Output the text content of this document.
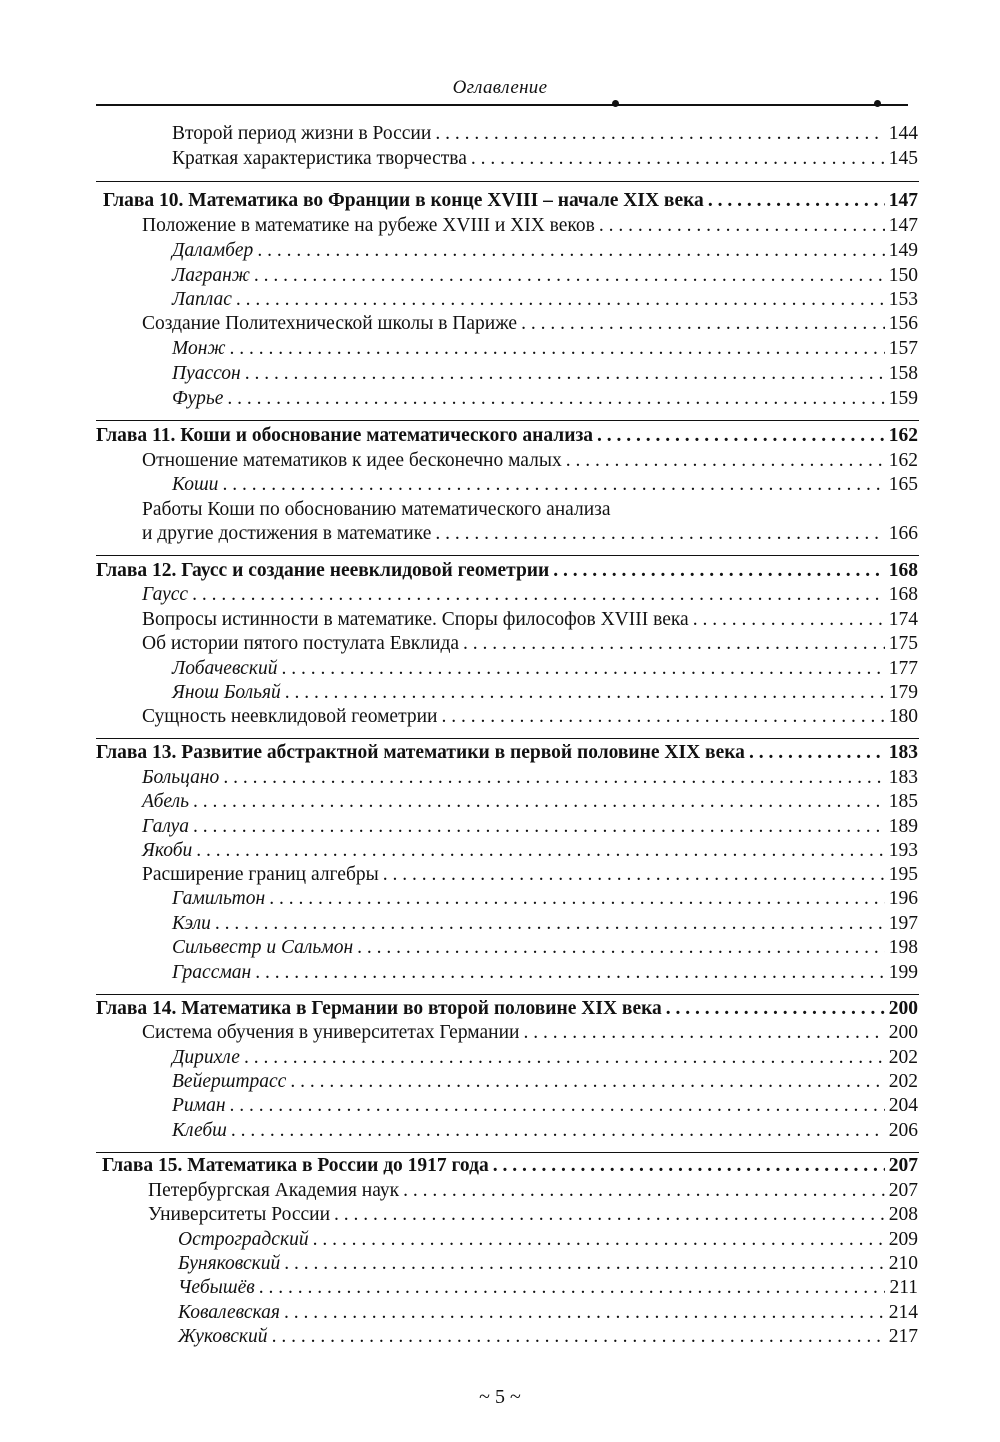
Оглавление
Второй период жизни в России . . .	144
Краткая характеристика творчества . . .	145
Глава 10. Математика во Франции в конце XVIII – начале XIX века . . .	147
Положение в математике на рубеже XVIII и XIX веков . . .	147
Даламбер . . .	149
Лагранж . . .	150
Лаплас . . .	153
Создание Политехнической школы в Париже . . .	156
Монж . . .	157
Пуассон . . .	158
Фурье . . .	159
Глава 11. Коши и обоснование математического анализа . . .	162
Отношение математиков к идее бесконечно малых . . .	162
Коши . . .	165
Работы Коши по обоснованию математического анализа
и другие достижения в математике . . .	166
Глава 12. Гаусс и создание неевклидовой геометрии . . .	168
Гаусс . . .	168
Вопросы истинности в математике. Споры философов XVIII века . . .	174
Об истории пятого постулата Евклида . . .	175
Лобачевский . . .	177
Янош Больяй . . .	179
Сущность неевклидовой геометрии . . .	180
Глава 13. Развитие абстрактной математики в первой половине XIX века . . .	183
Больцано . . .	183
Абель . . .	185
Галуа . . .	189
Якоби . . .	193
Расширение границ алгебры . . .	195
Гамильтон . . .	196
Кэли . . .	197
Сильвестр и Сальмон . . .	198
Грассман . . .	199
Глава 14. Математика в Германии во второй половине XIX века . . .	200
Система обучения в университетах Германии . . .	200
Дирихле . . .	202
Вейерштрасс . . .	202
Риман . . .	204
Клебш . . .	206
Глава 15. Математика в России до 1917 года . . .	207
Петербургская Академия наук . . .	207
Университеты России . . .	208
Остроградский . . .	209
Буняковский . . .	210
Чебышёв . . .	211
Ковалевская . . .	214
Жуковский . . .	217
~ 5 ~
